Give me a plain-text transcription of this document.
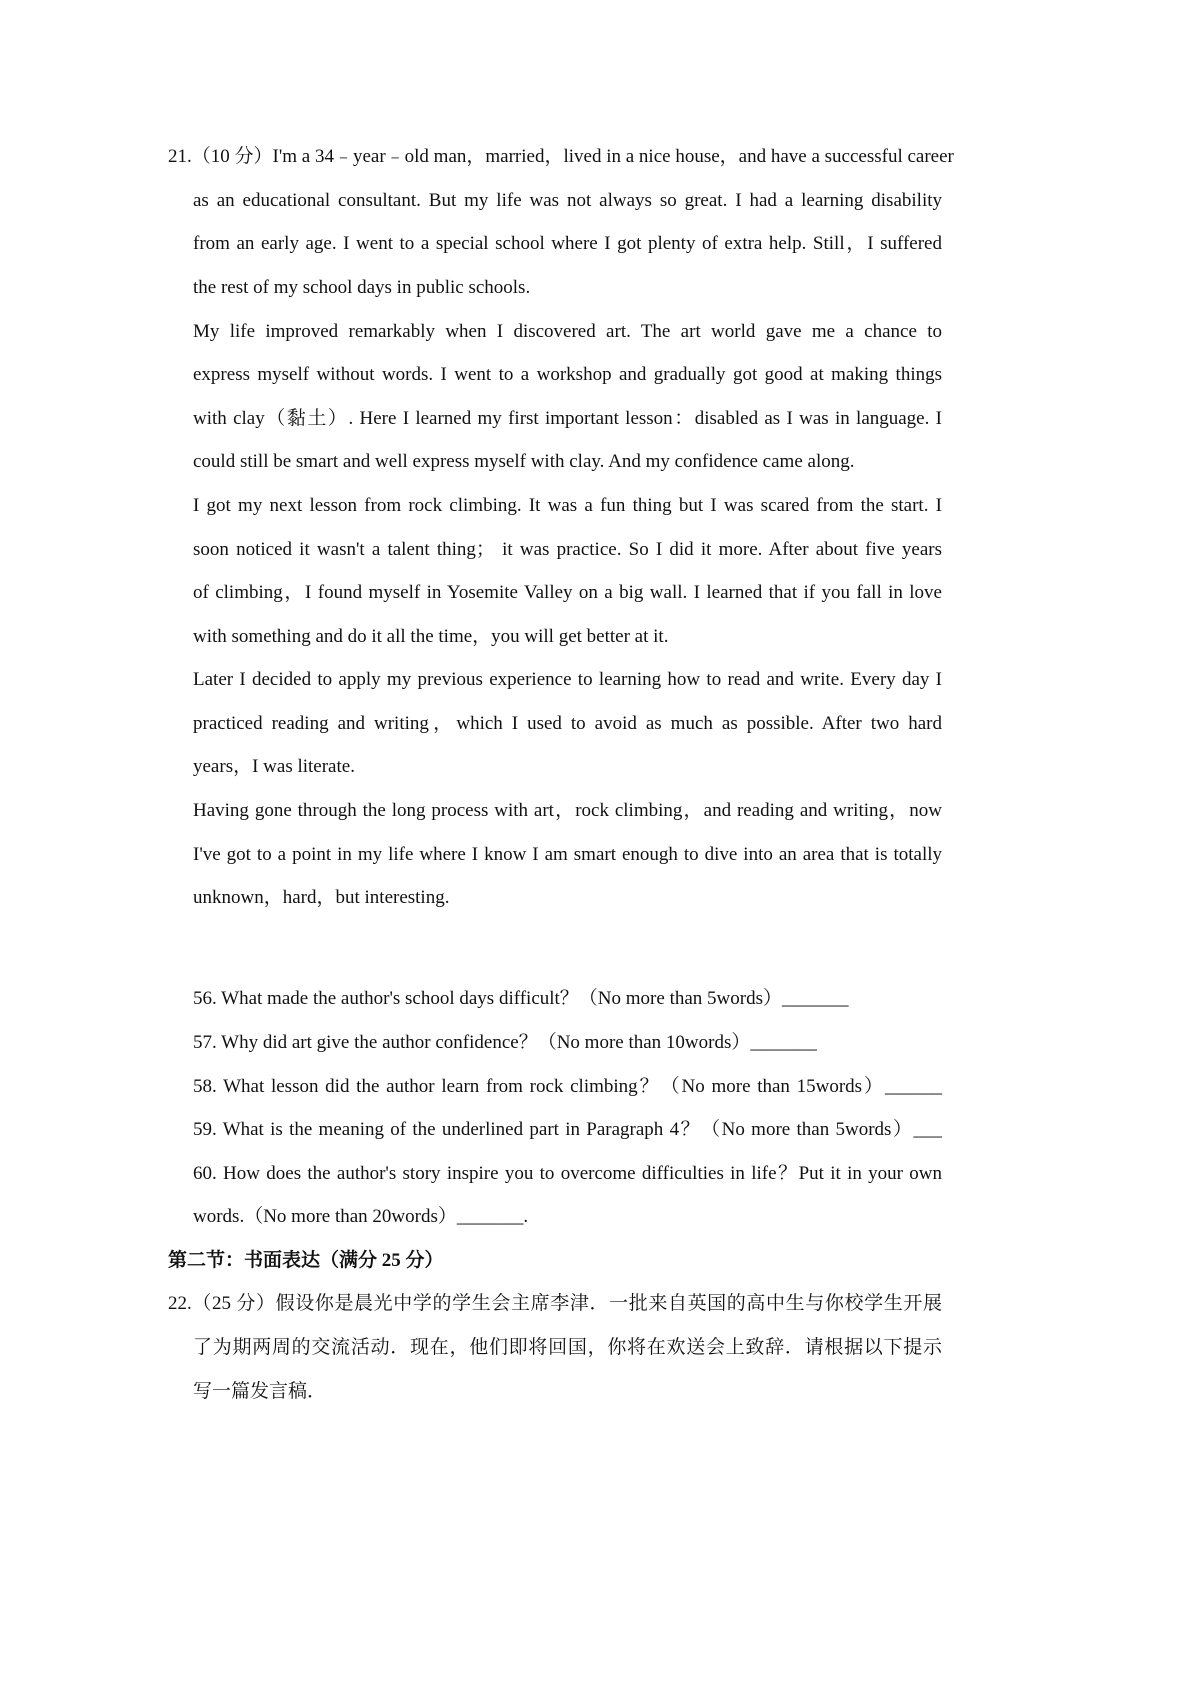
21.（10 分）I'm a 34﹣year﹣old man，married，lived in a nice house，and have a successful career
as an educational consultant. But my life was not always so great. I had a learning disability
from an early age. I went to a special school where I got plenty of extra help. Still，I suffered
the rest of my school days in public schools.
My life improved remarkably when I discovered art. The art world gave me a chance to
express myself without words. I went to a workshop and gradually got good at making things
with clay（黏土）. Here I learned my first important lesson：disabled as I was in language. I
could still be smart and well express myself with clay. And my confidence came along.
I got my next lesson from rock climbing. It was a fun thing but I was scared from the start. I
soon noticed it wasn't a talent thing； it was practice. So I did it more. After about five years
of climbing，I found myself in Yosemite Valley on a big wall. I learned that if you fall in love
with something and do it all the time，you will get better at it.
Later I decided to apply my previous experience to learning how to read and write. Every day I
practiced reading and writing，which I used to avoid as much as possible. After two hard
years，I was literate.
Having gone through the long process with art，rock climbing，and reading and writing，now
I've got to a point in my life where I know I am smart enough to dive into an area that is totally
unknown，hard，but interesting.
56. What made the author's school days difficult？（No more than 5words）_______
57. Why did art give the author confidence？（No more than 10words）_______
58. What lesson did the author learn from rock climbing？（No more than 15words）______
59. What is the meaning of the underlined part in Paragraph 4？（No more than 5words）___
60. How does the author's story inspire you to overcome difficulties in life？Put it in your own
words.（No more than 20words）_______.
第二节：书面表达（满分 25 分）
22.（25 分）假设你是晨光中学的学生会主席李津．一批来自英国的高中生与你校学生开展
了为期两周的交流活动．现在，他们即将回国，你将在欢送会上致辞．请根据以下提示
写一篇发言稿．
